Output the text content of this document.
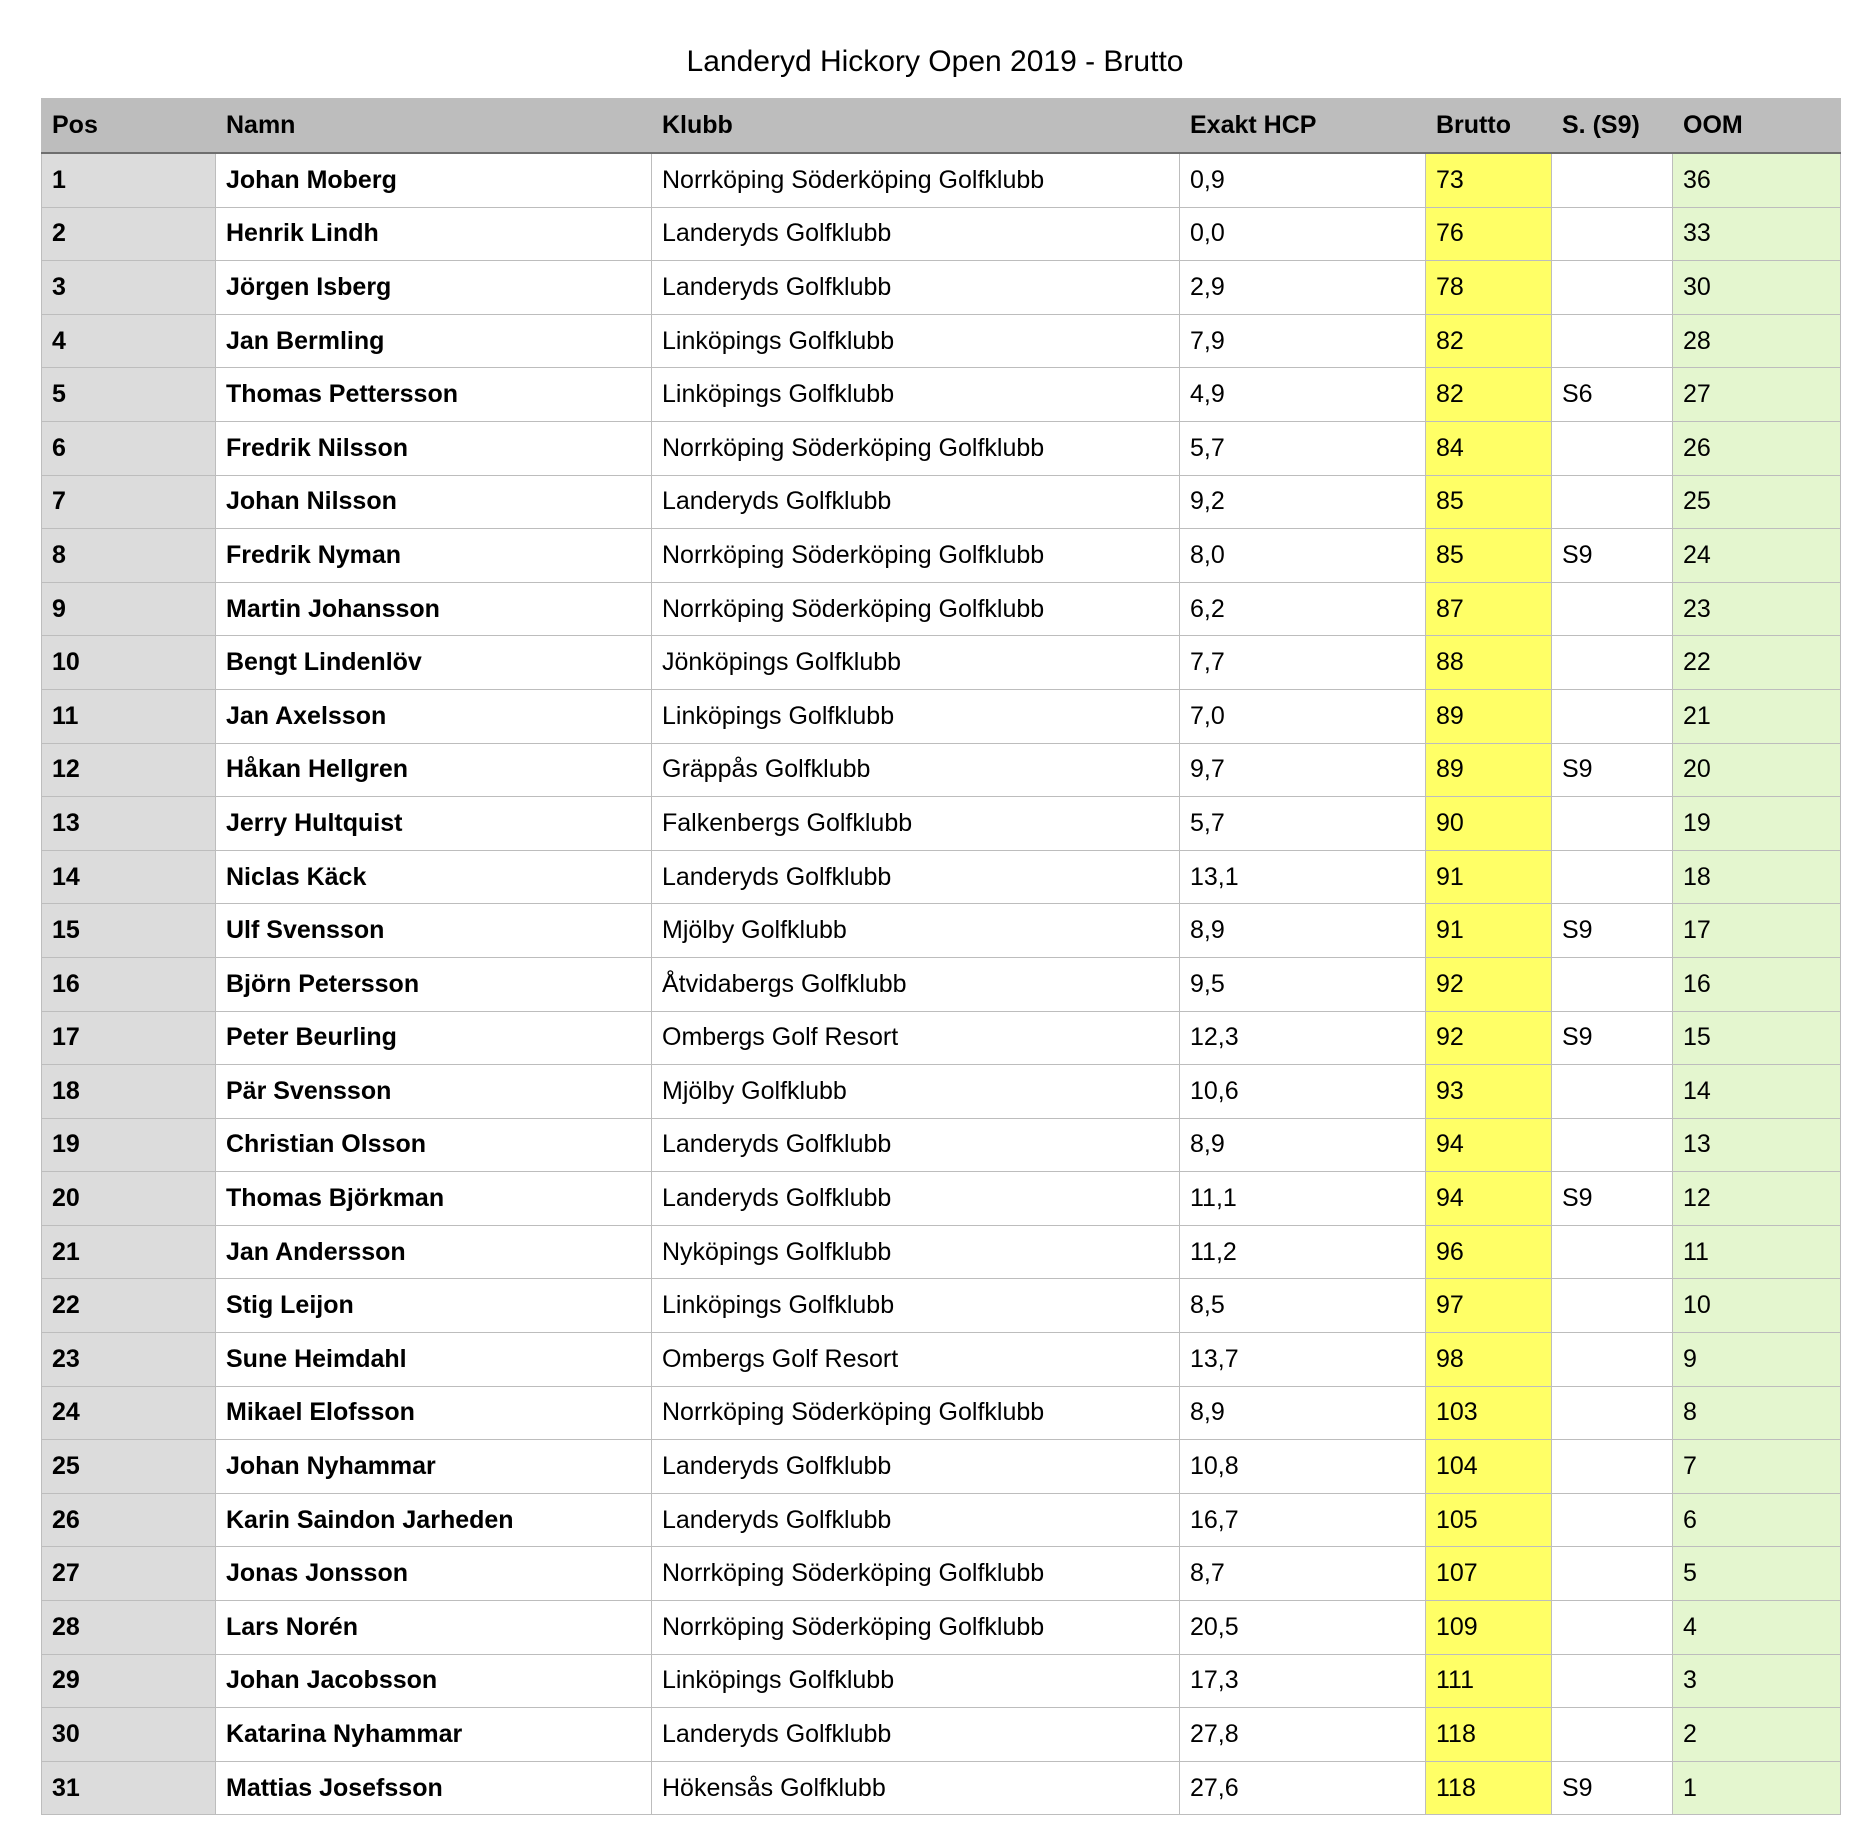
Landeryd Hickory Open 2019 - Brutto
Pos	Namn	Klubb	Exakt HCP	Brutto	S. (S9)	OOM
1	Johan Moberg	Norrköping Söderköping Golfklubb	0,9	73		36
2	Henrik Lindh	Landeryds Golfklubb	0,0	76		33
3	Jörgen Isberg	Landeryds Golfklubb	2,9	78		30
4	Jan Bermling	Linköpings Golfklubb	7,9	82		28
5	Thomas Pettersson	Linköpings Golfklubb	4,9	82	S6	27
6	Fredrik Nilsson	Norrköping Söderköping Golfklubb	5,7	84		26
7	Johan Nilsson	Landeryds Golfklubb	9,2	85		25
8	Fredrik Nyman	Norrköping Söderköping Golfklubb	8,0	85	S9	24
9	Martin Johansson	Norrköping Söderköping Golfklubb	6,2	87		23
10	Bengt Lindenlöv	Jönköpings Golfklubb	7,7	88		22
11	Jan Axelsson	Linköpings Golfklubb	7,0	89		21
12	Håkan Hellgren	Gräppås Golfklubb	9,7	89	S9	20
13	Jerry Hultquist	Falkenbergs Golfklubb	5,7	90		19
14	Niclas Käck	Landeryds Golfklubb	13,1	91		18
15	Ulf Svensson	Mjölby Golfklubb	8,9	91	S9	17
16	Björn Petersson	Åtvidabergs Golfklubb	9,5	92		16
17	Peter Beurling	Ombergs Golf Resort	12,3	92	S9	15
18	Pär Svensson	Mjölby Golfklubb	10,6	93		14
19	Christian Olsson	Landeryds Golfklubb	8,9	94		13
20	Thomas Björkman	Landeryds Golfklubb	11,1	94	S9	12
21	Jan Andersson	Nyköpings Golfklubb	11,2	96		11
22	Stig Leijon	Linköpings Golfklubb	8,5	97		10
23	Sune Heimdahl	Ombergs Golf Resort	13,7	98		9
24	Mikael Elofsson	Norrköping Söderköping Golfklubb	8,9	103		8
25	Johan Nyhammar	Landeryds Golfklubb	10,8	104		7
26	Karin Saindon Jarheden	Landeryds Golfklubb	16,7	105		6
27	Jonas Jonsson	Norrköping Söderköping Golfklubb	8,7	107		5
28	Lars Norén	Norrköping Söderköping Golfklubb	20,5	109		4
29	Johan Jacobsson	Linköpings Golfklubb	17,3	111		3
30	Katarina Nyhammar	Landeryds Golfklubb	27,8	118		2
31	Mattias Josefsson	Hökensås Golfklubb	27,6	118	S9	1
